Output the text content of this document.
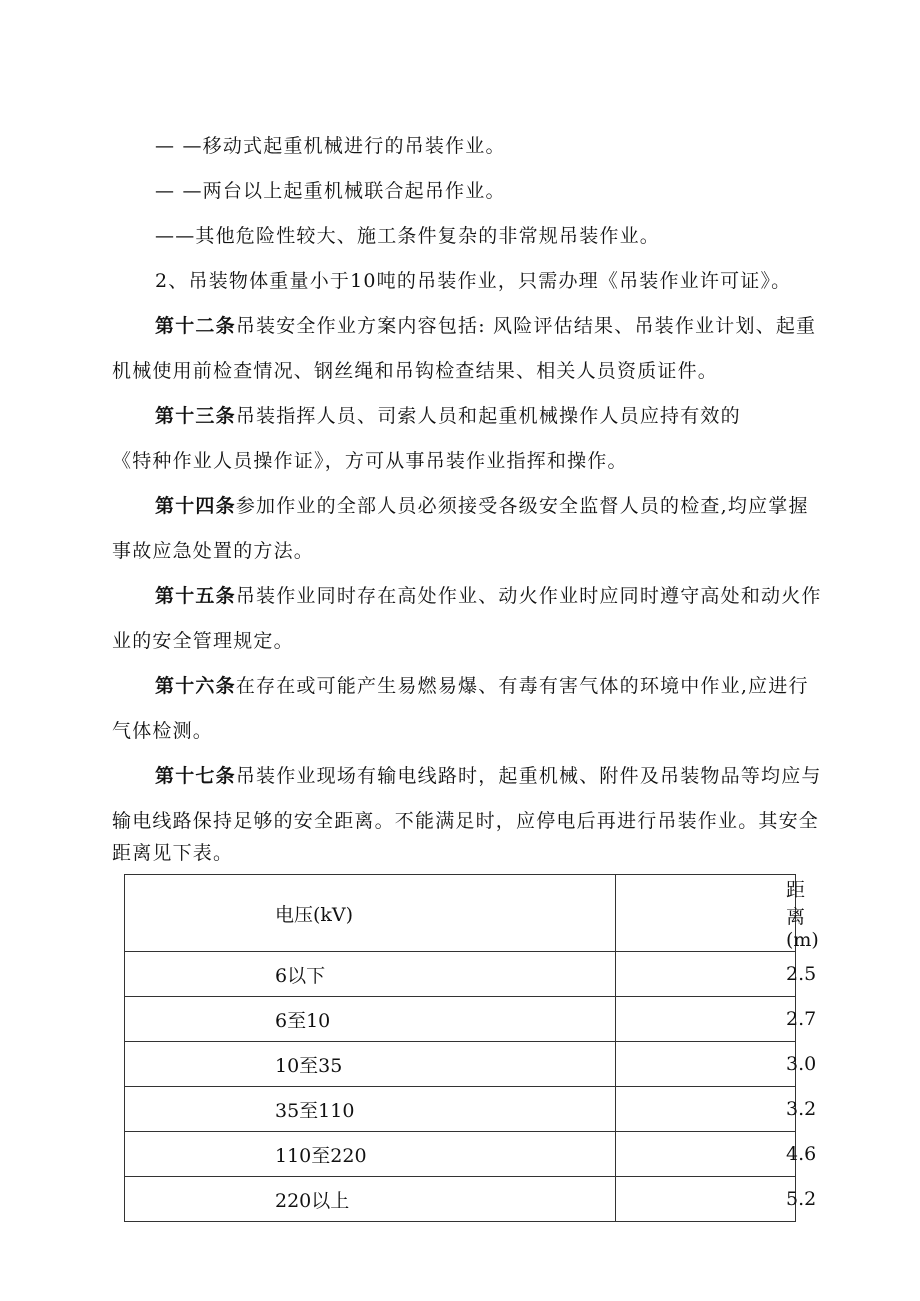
— —移动式起重机械进行的吊装作业。
— —两台以上起重机械联合起吊作业。
——其他危险性较大、施工条件复杂的非常规吊装作业。
2、吊装物体重量小于10吨的吊装作业，只需办理《吊装作业许可证》。
第十二条吊装安全作业方案内容包括: 风险评估结果、吊装作业计划、起重
机械使用前检查情况、钢丝绳和吊钩检查结果、相关人员资质证件。
第十三条吊装指挥人员、司索人员和起重机械操作人员应持有效的
《特种作业人员操作证》，方可从事吊装作业指挥和操作。
第十四条参加作业的全部人员必须接受各级安全监督人员的检查,均应掌握
事故应急处置的方法。
第十五条吊装作业同时存在高处作业、动火作业时应同时遵守高处和动火作
业的安全管理规定。
第十六条在存在或可能产生易燃易爆、有毒有害气体的环境中作业,应进行
气体检测。
第十七条吊装作业现场有输电线路时，起重机械、附件及吊装物品等均应与
输电线路保持足够的安全距离。不能满足时，应停电后再进行吊装作业。其安全
距离见下表。
电压(kV)	距离(m)
6以下	2.5
6至10	2.7
10至35	3.0
35至110	3.2
110至220	4.6
220以上	5.2
